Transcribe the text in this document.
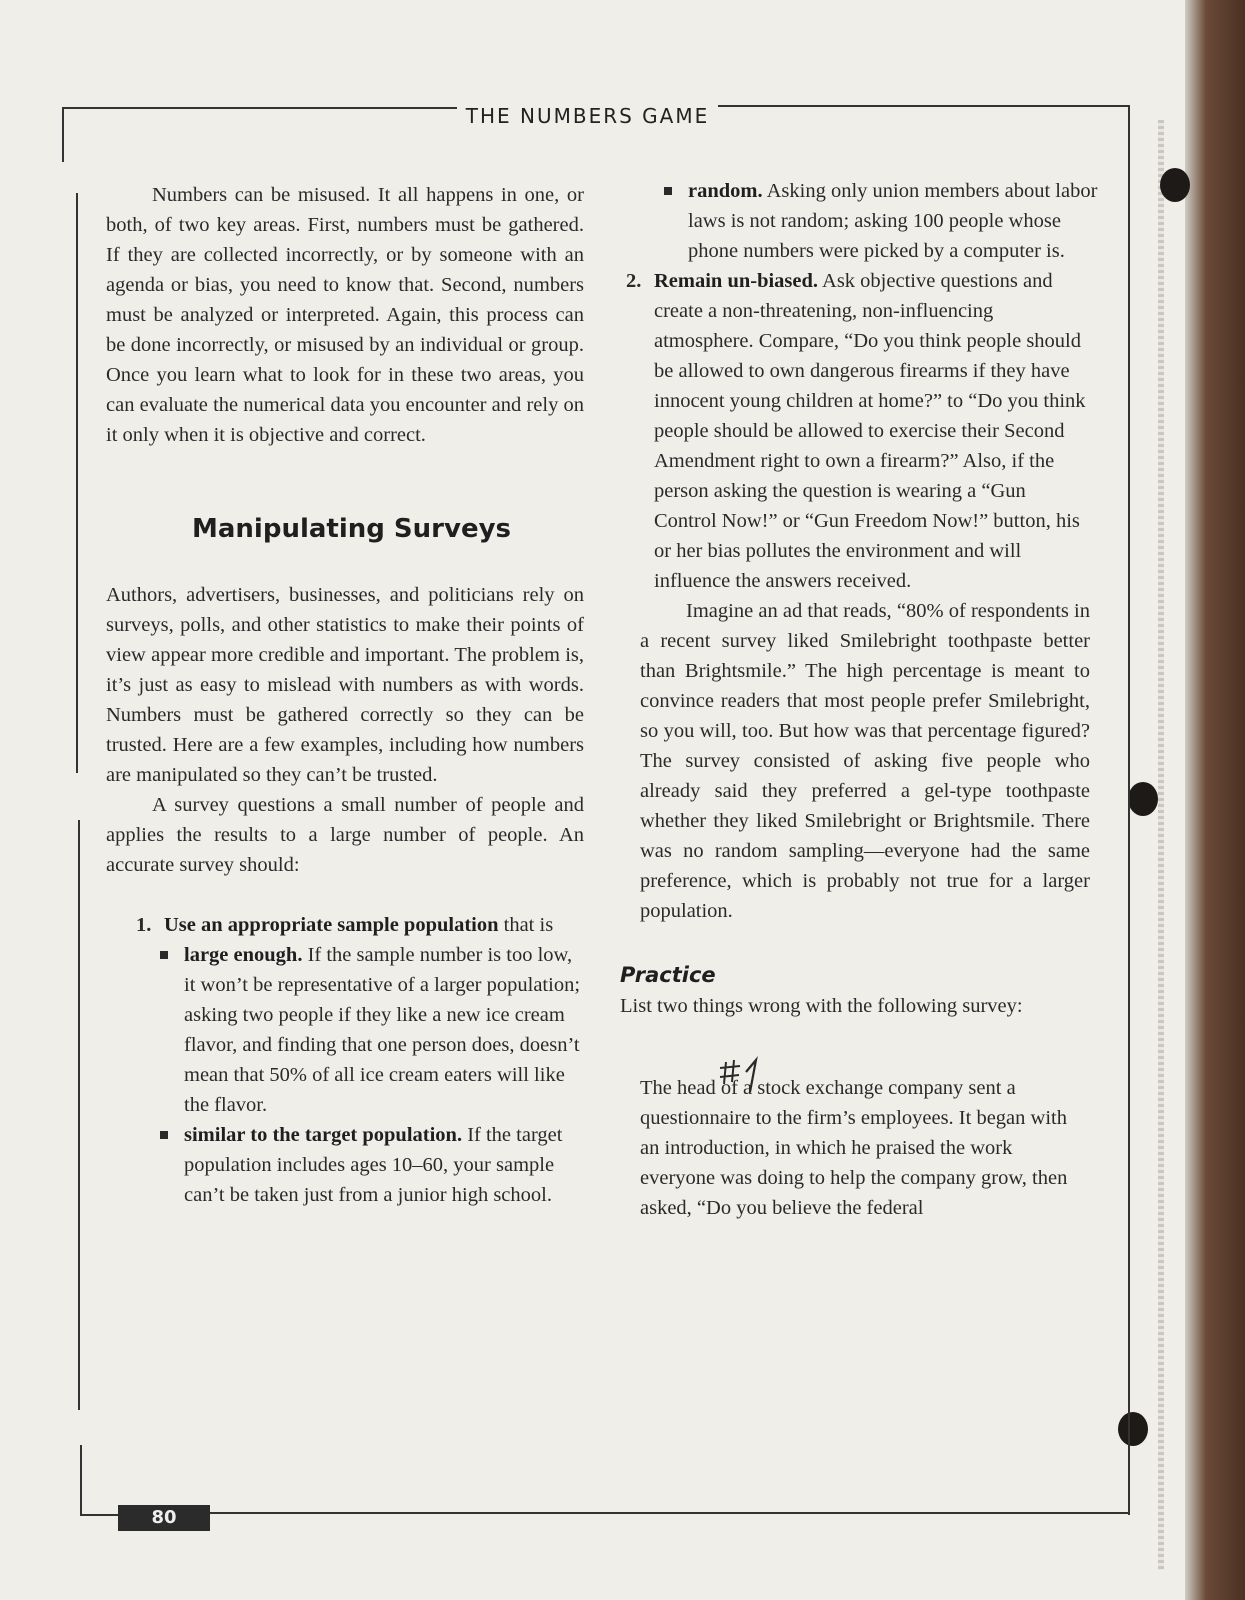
THE NUMBERS GAME
80

Numbers can be misused. It all happens in one, or both, of two key areas. First, numbers must be gathered. If they are collected incorrectly, or by someone with an agenda or bias, you need to know that. Second, numbers must be analyzed or interpreted. Again, this process can be done incorrectly, or misused by an individual or group. Once you learn what to look for in these two areas, you can evaluate the numerical data you encounter and rely on it only when it is objective and correct.

Manipulating Surveys

Authors, advertisers, businesses, and politicians rely on surveys, polls, and other statistics to make their points of view appear more credible and important. The problem is, it’s just as easy to mislead with numbers as with words. Numbers must be gathered correctly so they can be trusted. Here are a few examples, including how numbers are manipulated so they can’t be trusted.

A survey questions a small number of people and applies the results to a large number of people. An accurate survey should:

1. Use an appropriate sample population that is
large enough. If the sample number is too low, it won’t be representative of a larger population; asking two people if they like a new ice cream flavor, and finding that one person does, doesn’t mean that 50% of all ice cream eaters will like the flavor.
similar to the target population. If the target population includes ages 10–60, your sample can’t be taken just from a junior high school.
random. Asking only union members about labor laws is not random; asking 100 people whose phone numbers were picked by a computer is.
2. Remain un-biased. Ask objective questions and create a non-threatening, non-influencing atmosphere. Compare, “Do you think people should be allowed to own dangerous firearms if they have innocent young children at home?” to “Do you think people should be allowed to exercise their Second Amendment right to own a firearm?” Also, if the person asking the question is wearing a “Gun Control Now!” or “Gun Freedom Now!” button, his or her bias pollutes the environment and will influence the answers received.

Imagine an ad that reads, “80% of respondents in a recent survey liked Smilebright toothpaste better than Brightsmile.” The high percentage is meant to convince readers that most people prefer Smilebright, so you will, too. But how was that percentage figured? The survey consisted of asking five people who already said they preferred a gel-type toothpaste whether they liked Smilebright or Brightsmile. There was no random sampling—everyone had the same preference, which is probably not true for a larger population.

Practice
List two things wrong with the following survey:

The head of a stock exchange company sent a questionnaire to the firm’s employees. It began with an introduction, in which he praised the work everyone was doing to help the company grow, then asked, “Do you believe the federal
